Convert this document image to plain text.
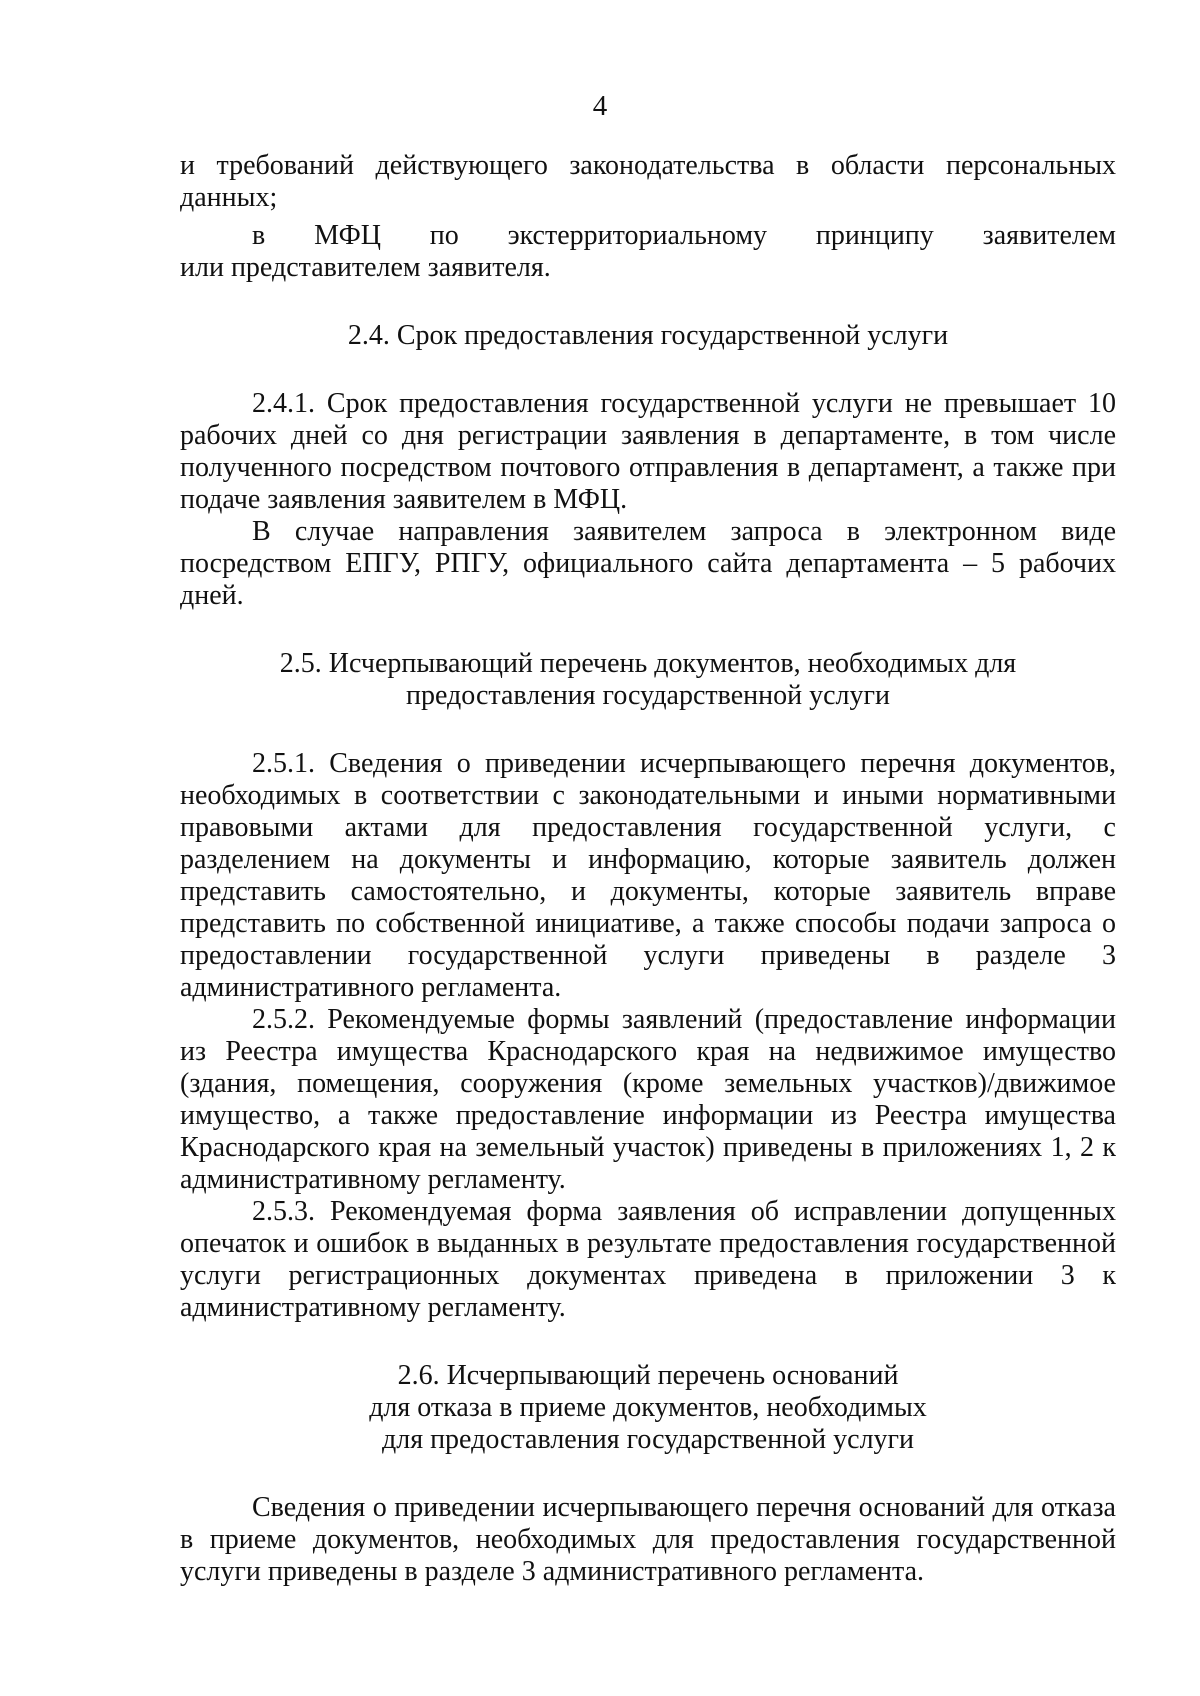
4

и требований действующего законодательства в области персональных данных;

в МФЦ по экстерриториальному принципу заявителем

или представителем заявителя.

2.4. Срок предоставления государственной услуги

2.4.1. Срок предоставления государственной услуги не превышает 10 рабочих дней со дня регистрации заявления в департаменте, в том числе полученного посредством почтового отправления в департамент, а также при подаче заявления заявителем в МФЦ.

В случае направления заявителем запроса в электронном виде посредством ЕПГУ, РПГУ, официального сайта департамента – 5 рабочих дней.

2.5. Исчерпывающий перечень документов, необходимых для

предоставления государственной услуги

2.5.1. Сведения о приведении исчерпывающего перечня документов, необходимых в соответствии с законодательными и иными нормативными правовыми актами для предоставления государственной услуги, с разделением на документы и информацию, которые заявитель должен представить самостоятельно, и документы, которые заявитель вправе представить по собственной инициативе, а также способы подачи запроса о предоставлении государственной услуги приведены в разделе 3 административного регламента.

2.5.2. Рекомендуемые формы заявлений (предоставление информации из Реестра имущества Краснодарского края на недвижимое имущество (здания, помещения, сооружения (кроме земельных участков)/движимое имущество, а также предоставление информации из Реестра имущества Краснодарского края на земельный участок) приведены в приложениях 1, 2 к административному регламенту.

2.5.3. Рекомендуемая форма заявления об исправлении допущенных опечаток и ошибок в выданных в результате предоставления государственной услуги регистрационных документах приведена в приложении 3 к административному регламенту.

2.6. Исчерпывающий перечень оснований

для отказа в приеме документов, необходимых

для предоставления государственной услуги

Сведения о приведении исчерпывающего перечня оснований для отказа в приеме документов, необходимых для предоставления государственной услуги приведены в разделе 3 административного регламента.
